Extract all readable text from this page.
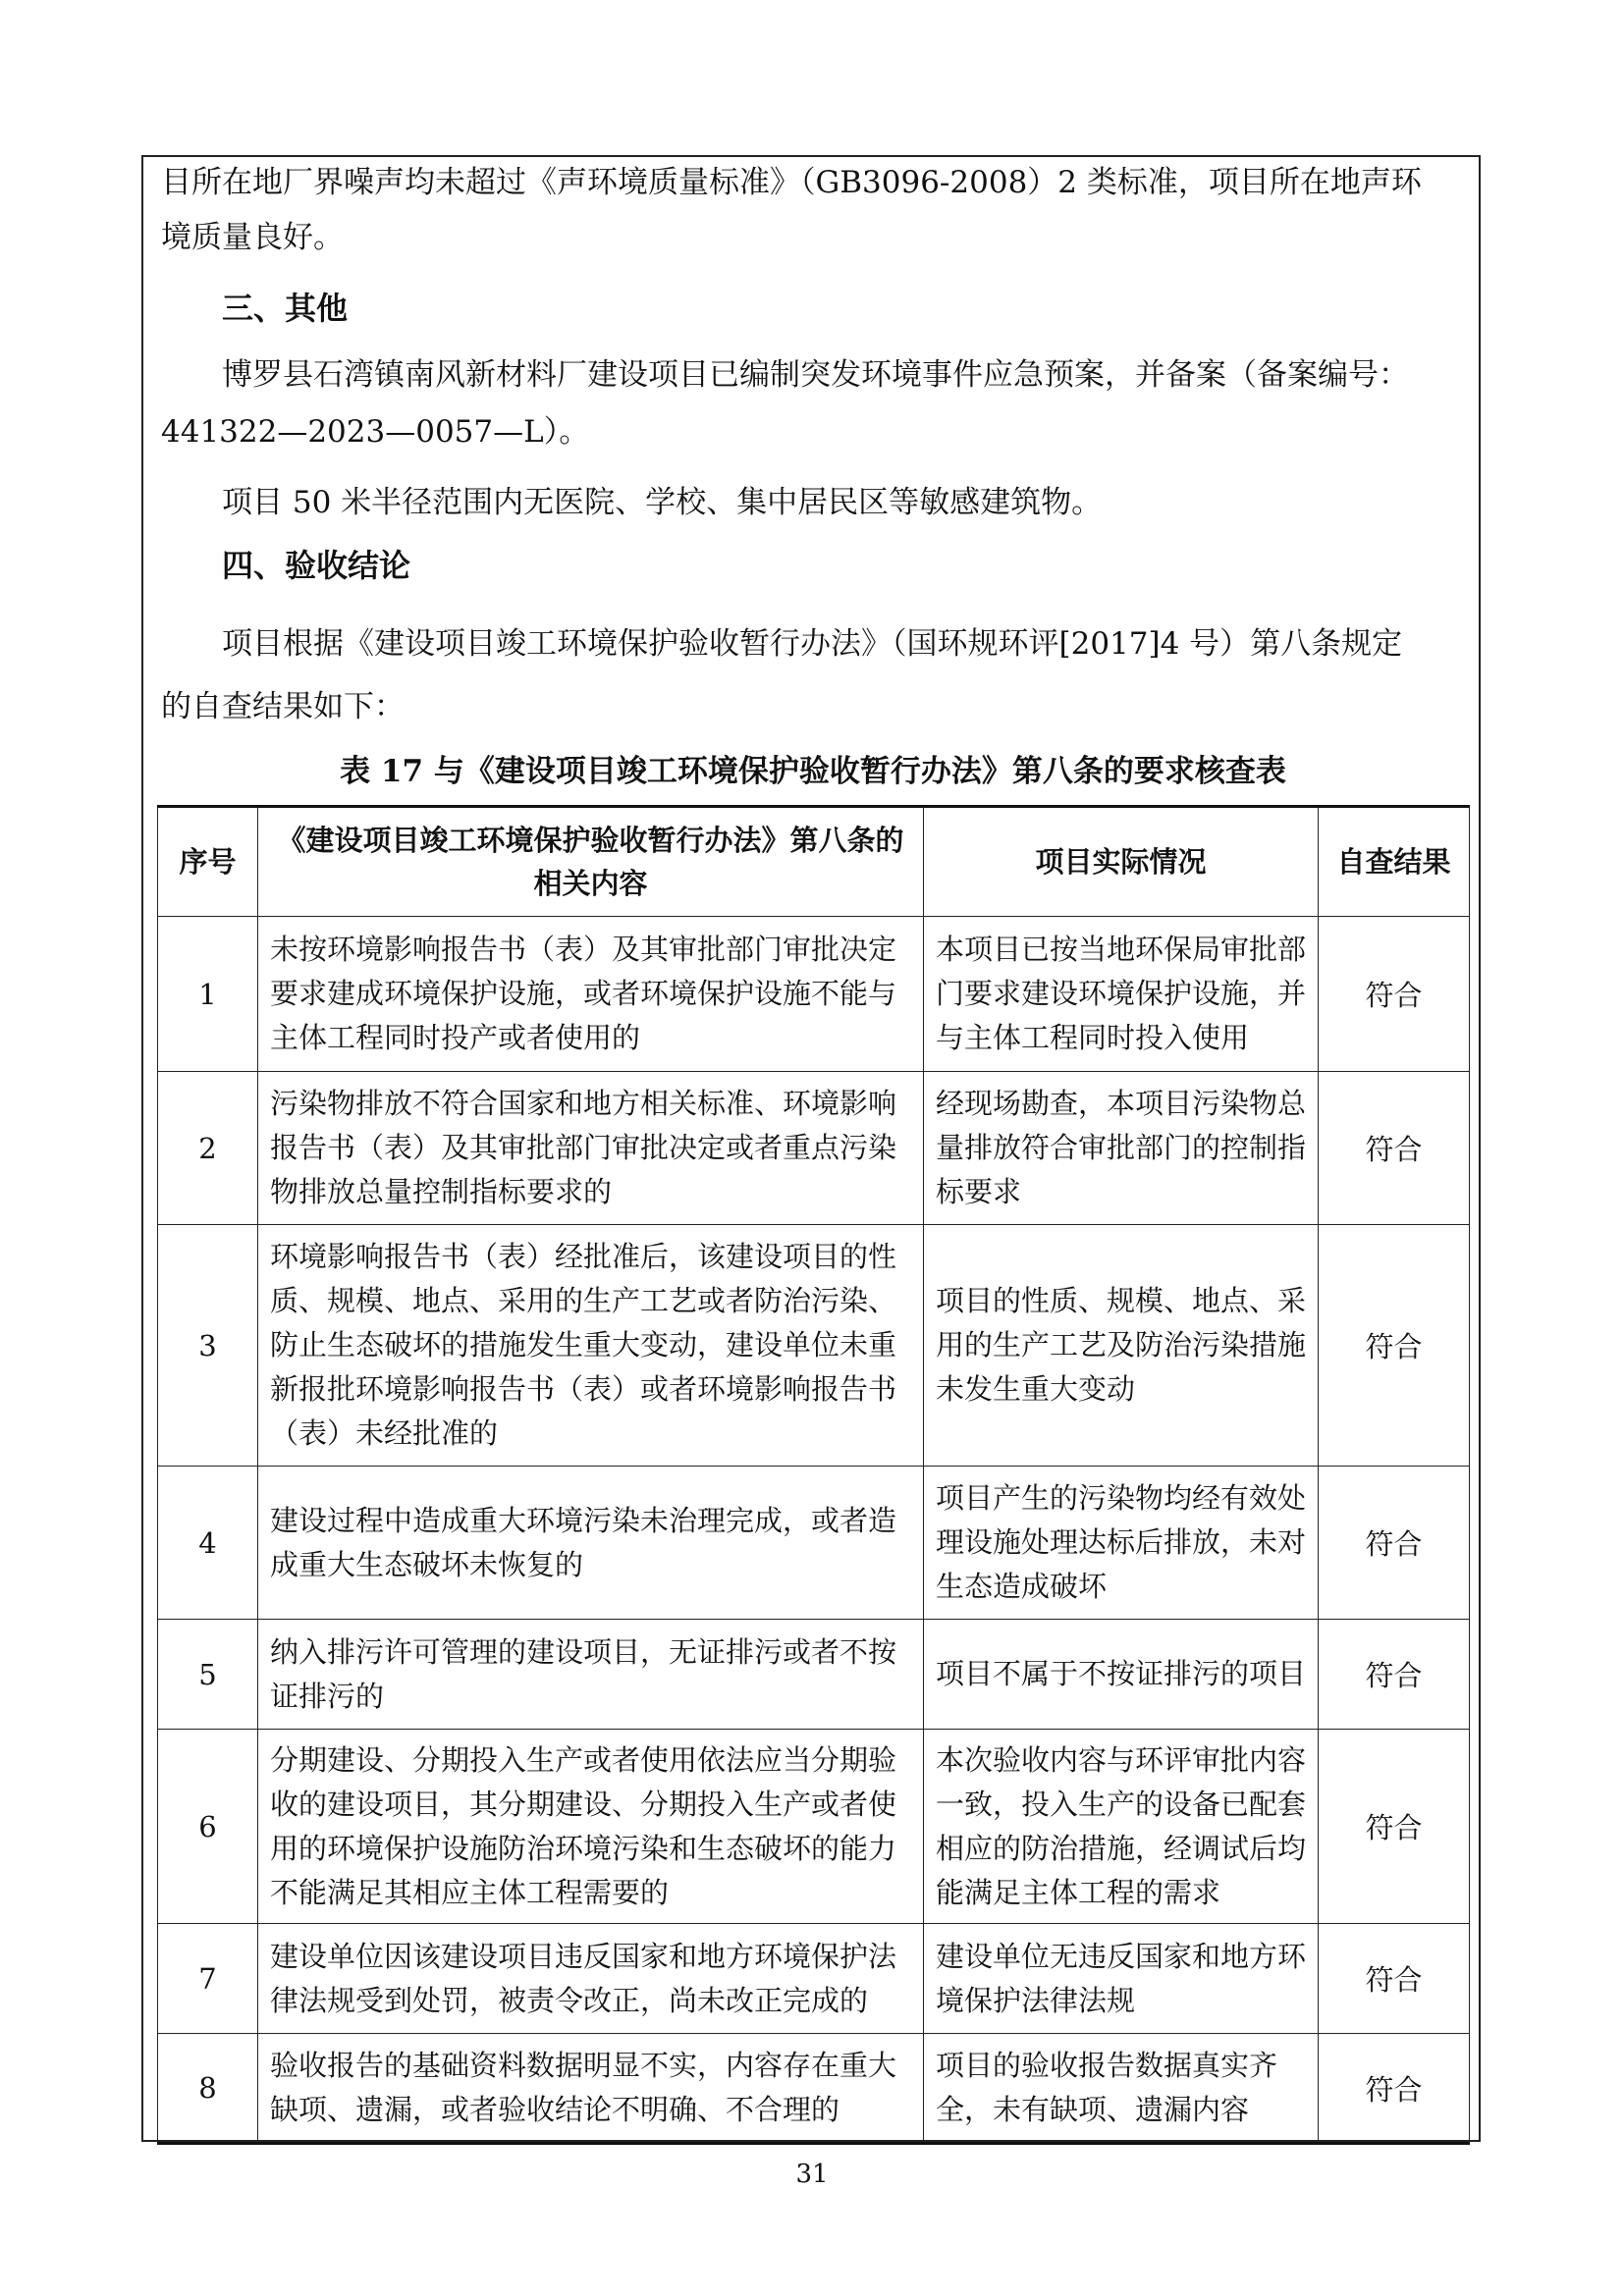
目所在地厂界噪声均未超过《声环境质量标准》（GB3096-2008）2 类标准，项目所在地声环
境质量良好。
三、其他
博罗县石湾镇南风新材料厂建设项目已编制突发环境事件应急预案，并备案（备案编号：
441322—2023—0057—L）。
项目 50 米半径范围内无医院、学校、集中居民区等敏感建筑物。
四、验收结论
项目根据《建设项目竣工环境保护验收暂行办法》（国环规环评[2017]4 号）第八条规定
的自查结果如下：
表 17 与《建设项目竣工环境保护验收暂行办法》第八条的要求核查表
序号	《建设项目竣工环境保护验收暂行办法》第八条的相关内容	项目实际情况	自查结果
1	未按环境影响报告书（表）及其审批部门审批决定要求建成环境保护设施，或者环境保护设施不能与主体工程同时投产或者使用的	本项目已按当地环保局审批部门要求建设环境保护设施，并与主体工程同时投入使用	符合
2	污染物排放不符合国家和地方相关标准、环境影响报告书（表）及其审批部门审批决定或者重点污染物排放总量控制指标要求的	经现场勘查，本项目污染物总量排放符合审批部门的控制指标要求	符合
3	环境影响报告书（表）经批准后，该建设项目的性质、规模、地点、采用的生产工艺或者防治污染、防止生态破坏的措施发生重大变动，建设单位未重新报批环境影响报告书（表）或者环境影响报告书（表）未经批准的	项目的性质、规模、地点、采用的生产工艺及防治污染措施未发生重大变动	符合
4	建设过程中造成重大环境污染未治理完成，或者造成重大生态破坏未恢复的	项目产生的污染物均经有效处理设施处理达标后排放，未对生态造成破坏	符合
5	纳入排污许可管理的建设项目，无证排污或者不按证排污的	项目不属于不按证排污的项目	符合
6	分期建设、分期投入生产或者使用依法应当分期验收的建设项目，其分期建设、分期投入生产或者使用的环境保护设施防治环境污染和生态破坏的能力不能满足其相应主体工程需要的	本次验收内容与环评审批内容一致，投入生产的设备已配套相应的防治措施，经调试后均能满足主体工程的需求	符合
7	建设单位因该建设项目违反国家和地方环境保护法律法规受到处罚，被责令改正，尚未改正完成的	建设单位无违反国家和地方环境保护法律法规	符合
8	验收报告的基础资料数据明显不实，内容存在重大缺项、遗漏，或者验收结论不明确、不合理的	项目的验收报告数据真实齐全，未有缺项、遗漏内容	符合
31
